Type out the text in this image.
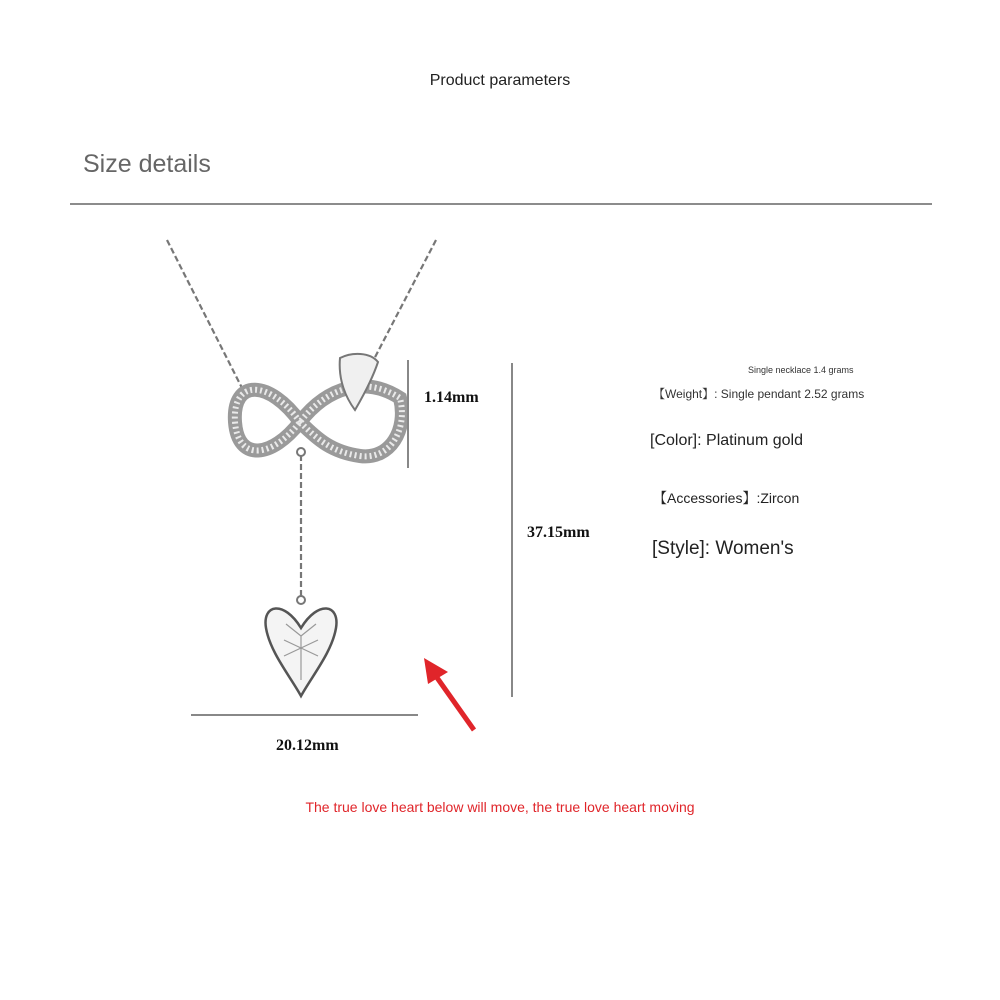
Product parameters
Size details
1.14mm
37.15mm
20.12mm
Single necklace 1.4 grams
【Weight】: Single pendant 2.52 grams
[Color]: Platinum gold
【Accessories】:Zircon
[Style]: Women's
The true love heart below will move, the true love heart moving
